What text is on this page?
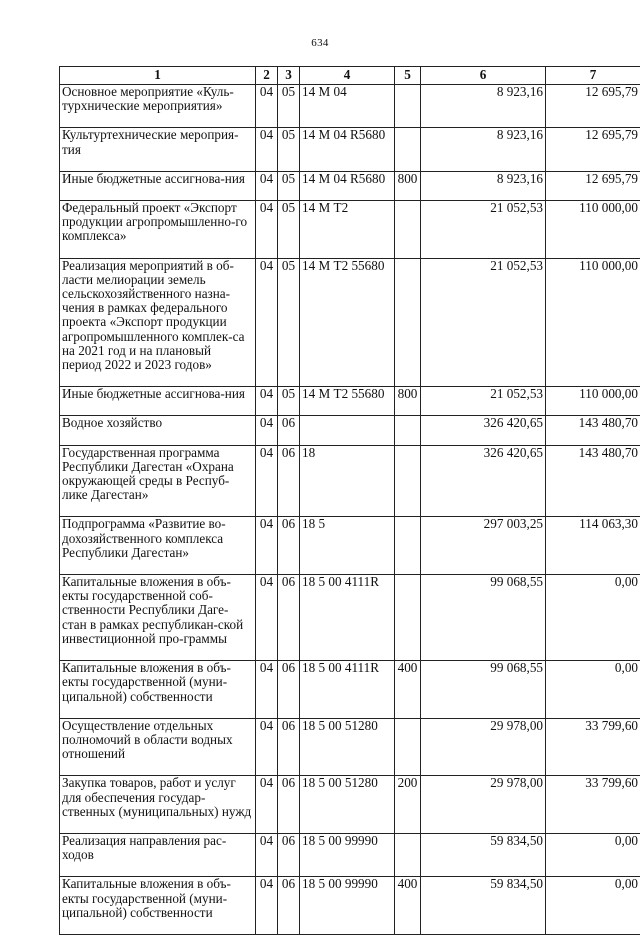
634
1	2	3	4	5	6	7
Основное мероприятие «Куль-турхнические мероприятия»	04	05	14 М 04		8 923,16	12 695,79
Культуртехнические мероприя-тия	04	05	14 М 04 R5680		8 923,16	12 695,79
Иные бюджетные ассигнова-ния	04	05	14 М 04 R5680	800	8 923,16	12 695,79
Федеральный проект «Экспорт продукции агропромышленно-го комплекса»	04	05	14 М Т2		21 052,53	110 000,00
Реализация мероприятий в об-ласти мелиорации земель сельскохозяйственного назна-чения в рамках федерального проекта «Экспорт продукции агропромышленного комплек-са на 2021 год и на плановый период 2022 и 2023 годов»	04	05	14 М Т2 55680		21 052,53	110 000,00
Иные бюджетные ассигнова-ния	04	05	14 М Т2 55680	800	21 052,53	110 000,00
Водное хозяйство	04	06			326 420,65	143 480,70
Государственная программа Республики Дагестан «Охрана окружающей среды в Респуб-лике Дагестан»	04	06	18		326 420,65	143 480,70
Подпрограмма «Развитие во-дохозяйственного комплекса Республики Дагестан»	04	06	18 5		297 003,25	114 063,30
Капитальные вложения в объ-екты государственной соб-ственности Республики Даге-стан в рамках республикан-ской инвестиционной про-граммы	04	06	18 5 00 4111R		99 068,55	0,00
Капитальные вложения в объ-екты государственной (муни-ципальной) собственности	04	06	18 5 00 4111R	400	99 068,55	0,00
Осуществление отдельных полномочий в области водных отношений	04	06	18 5 00 51280		29 978,00	33 799,60
Закупка товаров, работ и услуг для обеспечения государ-ственных (муниципальных) нужд	04	06	18 5 00 51280	200	29 978,00	33 799,60
Реализация направления рас-ходов	04	06	18 5 00 99990		59 834,50	0,00
Капитальные вложения в объ-екты государственной (муни-ципальной) собственности	04	06	18 5 00 99990	400	59 834,50	0,00
